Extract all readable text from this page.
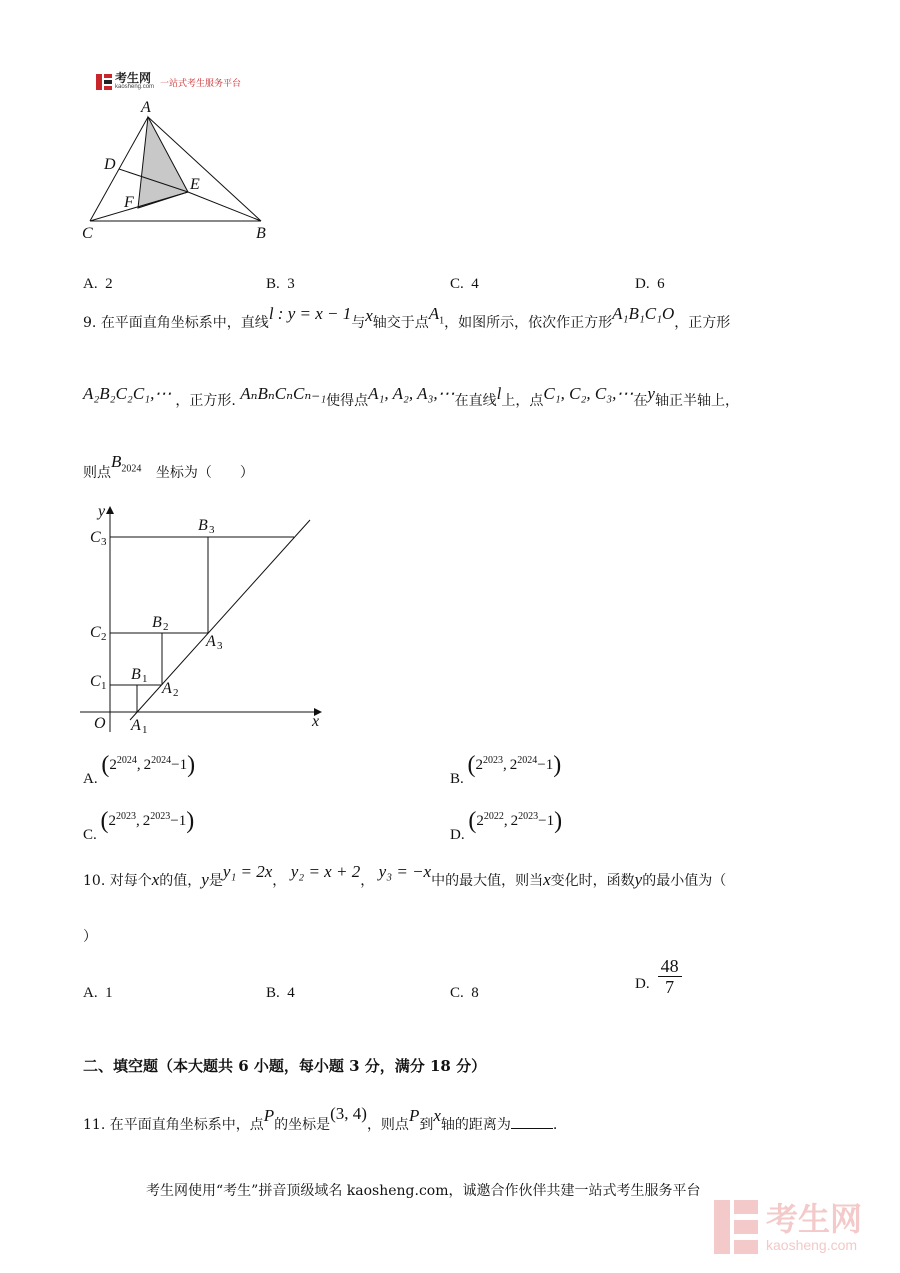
考生网
kaosheng.com 一站式考生服务平台
A
D
E
F
C	B
A. 2	B. 3	C. 4	D. 6
9. 在平面直角坐标系中，直线l : y = x − 1与x轴交于点$A_1$，如图所示，依次作正方形A₁B₁C₁O，正方形
A₂B₂C₂C₁,⋯ ，正方形. AₙBₙCₙCₙ₋₁使得点A₁, A₂, A₃,⋯在直线l上，点C₁, C₂, C₃,⋯在y轴正半轴上，
则点$B_{2024}$ 坐标为（　　）
y
x
O
C 3
C 2
C 1
B 3
B 2
B 1
A 3
A 2
A 1
A. ($2^{2024}$, $2^{2024}-1$)
B. ($2^{2023}$, $2^{2024}-1$)
C. ($2^{2023}$, $2^{2023}-1$)
D. ($2^{2022}$, $2^{2023}-1$)
10. 对每个x的值，y是y₁ = 2x， y₂ = x + 2， y₃ = −x中的最大值，则当x变化时，函数y的最小值为（
）
A. 1	B. 4	C. 8
D. $\frac{48}{7}$
二、填空题（本大题共 6 小题，每小题 3 分，满分 18 分）
11. 在平面直角坐标系中，点P的坐标是(3, 4)，则点P到x轴的距离为	.
考生网使用“考生”拼音顶级域名 kaosheng.com，诚邀合作伙伴共建一站式考生服务平台
考生网
kaosheng.com
